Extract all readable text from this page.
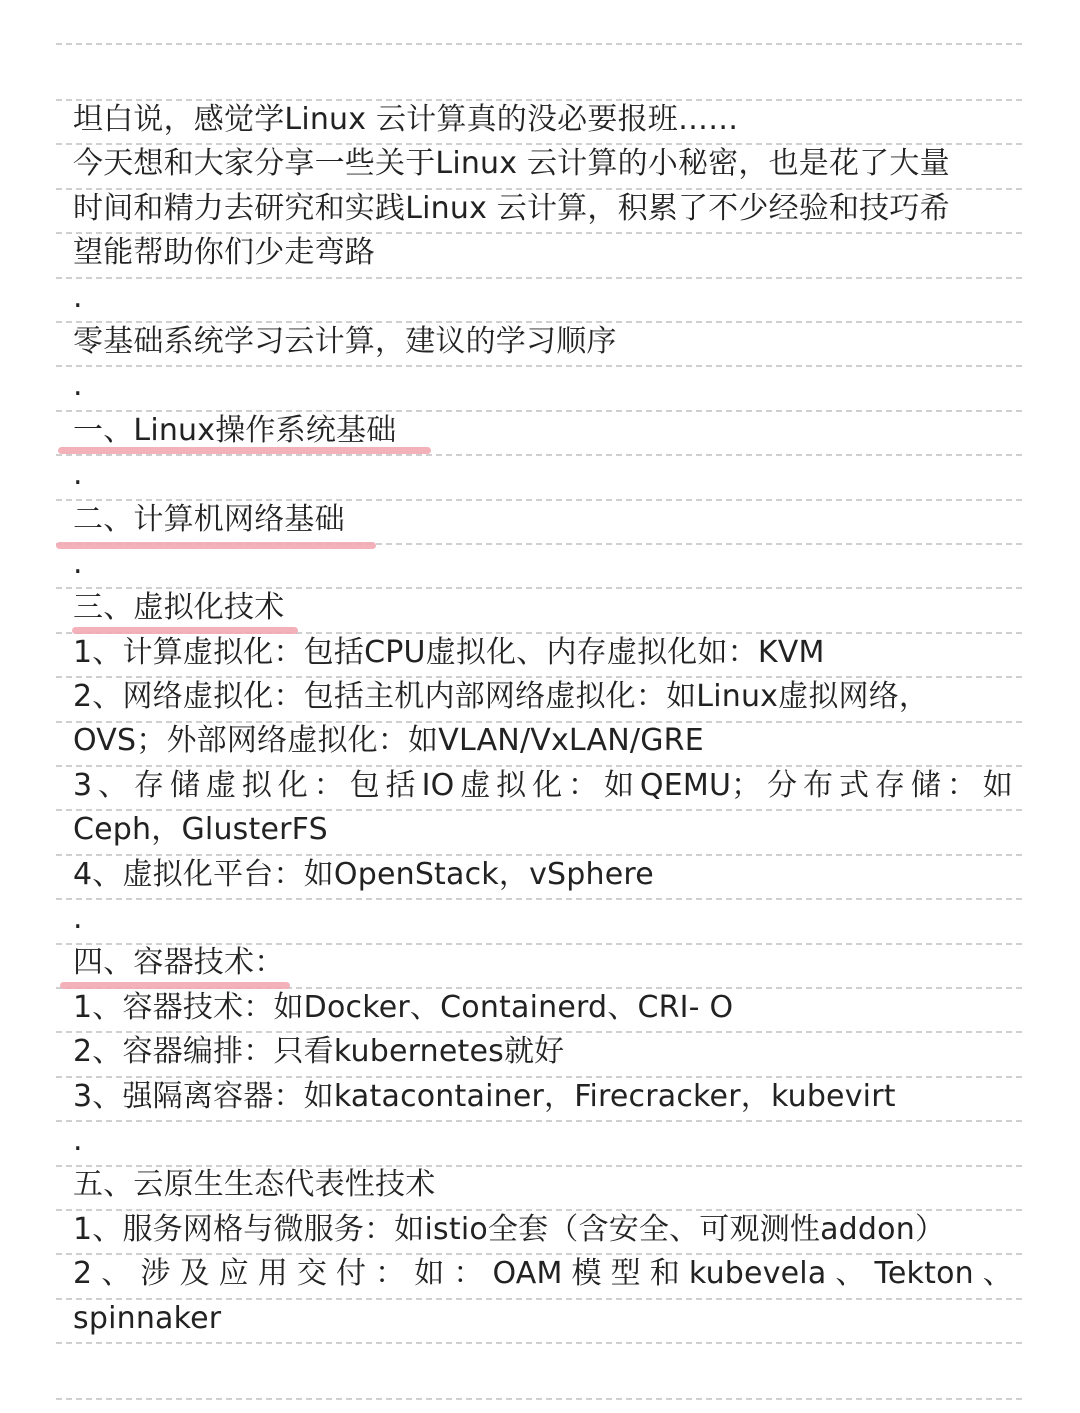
坦白说，感觉学Linux 云计算真的没必要报班……
今天想和大家分享一些关于Linux 云计算的小秘密，也是花了大量
时间和精力去研究和实践Linux 云计算，积累了不少经验和技巧希
望能帮助你们少走弯路
.
零基础系统学习云计算，建议的学习顺序
.
一、Linux操作系统基础
.
二、计算机网络基础
.
三、虚拟化技术
1、计算虚拟化：包括CPU虚拟化、内存虚拟化如：KVM
2、网络虚拟化：包括主机内部网络虚拟化：如Linux虚拟网络，
OVS；外部网络虚拟化：如VLAN/VxLAN/GRE
3、存储虚拟化：包括IO虚拟化：如QEMU；分布式存储：如
Ceph，GlusterFS
4、虚拟化平台：如OpenStack，vSphere
.
四、容器技术：
1、容器技术：如Docker、Containerd、CRI- O
2、容器编排：只看kubernetes就好
3、强隔离容器：如katacontainer，Firecracker，kubevirt
.
五、云原生生态代表性技术
1、服务网格与微服务：如istio全套（含安全、可观测性addon）
2、涉及应用交付：如：OAM模型和kubevela、Tekton、
spinnaker
